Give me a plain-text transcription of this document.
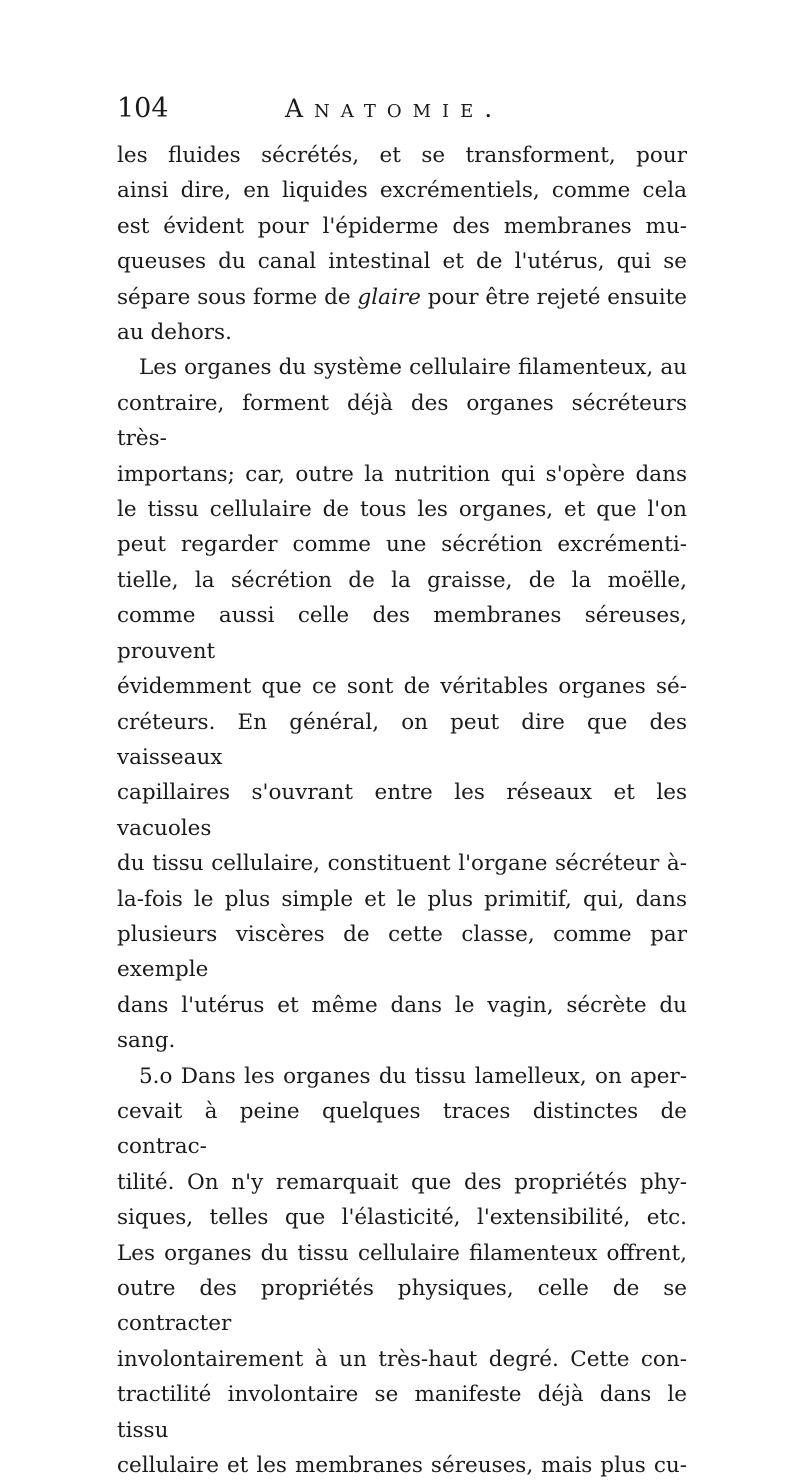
104	Anatomie.

les fluides sécrétés, et se transforment, pour

ainsi dire, en liquides excrémentiels, comme cela

est évident pour l'épiderme des membranes mu-

queuses du canal intestinal et de l'utérus, qui se

sépare sous forme de glaire pour être rejeté ensuite

au dehors.

Les organes du système cellulaire filamenteux, au

contraire, forment déjà des organes sécréteurs très-

importans; car, outre la nutrition qui s'opère dans

le tissu cellulaire de tous les organes, et que l'on

peut regarder comme une sécrétion excrémenti-

tielle, la sécrétion de la graisse, de la moëlle,

comme aussi celle des membranes séreuses, prouvent

évidemment que ce sont de véritables organes sé-

créteurs. En général, on peut dire que des vaisseaux

capillaires s'ouvrant entre les réseaux et les vacuoles

du tissu cellulaire, constituent l'organe sécréteur à-

la-fois le plus simple et le plus primitif, qui, dans

plusieurs viscères de cette classe, comme par exemple

dans l'utérus et même dans le vagin, sécrète du

sang.

5.o Dans les organes du tissu lamelleux, on aper-

cevait à peine quelques traces distinctes de contrac-

tilité. On n'y remarquait que des propriétés phy-

siques, telles que l'élasticité, l'extensibilité, etc.

Les organes du tissu cellulaire filamenteux offrent,

outre des propriétés physiques, celle de se contracter

involontairement à un très-haut degré. Cette con-

tractilité involontaire se manifeste déjà dans le tissu

cellulaire et les membranes séreuses, mais plus cu-
